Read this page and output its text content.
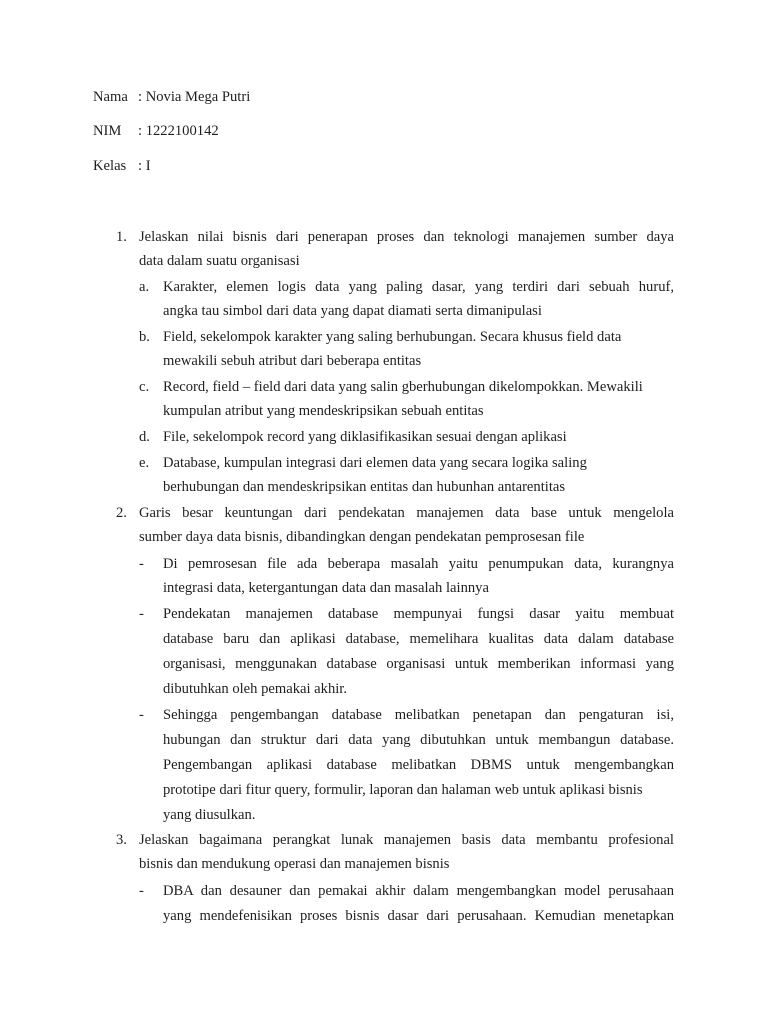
Nama : Novia Mega Putri
NIM : 1222100142
Kelas : I
1. Jelaskan nilai bisnis dari penerapan proses dan teknologi manajemen sumber daya
data dalam suatu organisasi
a. Karakter, elemen logis data yang paling dasar, yang terdiri dari sebuah huruf,
angka tau simbol dari data yang dapat diamati serta dimanipulasi
b. Field, sekelompok karakter yang saling berhubungan. Secara khusus field data
mewakili sebuh atribut dari beberapa entitas
c. Record, field – field dari data yang salin gberhubungan dikelompokkan. Mewakili
kumpulan atribut yang mendeskripsikan sebuah entitas
d. File, sekelompok record yang diklasifikasikan sesuai dengan aplikasi
e. Database, kumpulan integrasi dari elemen data yang secara logika saling
berhubungan dan mendeskripsikan entitas dan hubunhan antarentitas
2. Garis besar keuntungan dari pendekatan manajemen data base untuk mengelola
sumber daya data bisnis, dibandingkan dengan pendekatan pemprosesan file
- Di pemrosesan file ada beberapa masalah yaitu penumpukan data, kurangnya
integrasi data, ketergantungan data dan masalah lainnya
- Pendekatan manajemen database mempunyai fungsi dasar yaitu membuat
database baru dan aplikasi database, memelihara kualitas data dalam database
organisasi, menggunakan database organisasi untuk memberikan informasi yang
dibutuhkan oleh pemakai akhir.
- Sehingga pengembangan database melibatkan penetapan dan pengaturan isi,
hubungan dan struktur dari data yang dibutuhkan untuk membangun database.
Pengembangan aplikasi database melibatkan DBMS untuk mengembangkan
prototipe dari fitur query, formulir, laporan dan halaman web untuk aplikasi bisnis
yang diusulkan.
3. Jelaskan bagaimana perangkat lunak manajemen basis data membantu profesional
bisnis dan mendukung operasi dan manajemen bisnis
- DBA dan desauner dan pemakai akhir dalam mengembangkan model perusahaan
yang mendefenisikan proses bisnis dasar dari perusahaan. Kemudian menetapkan
